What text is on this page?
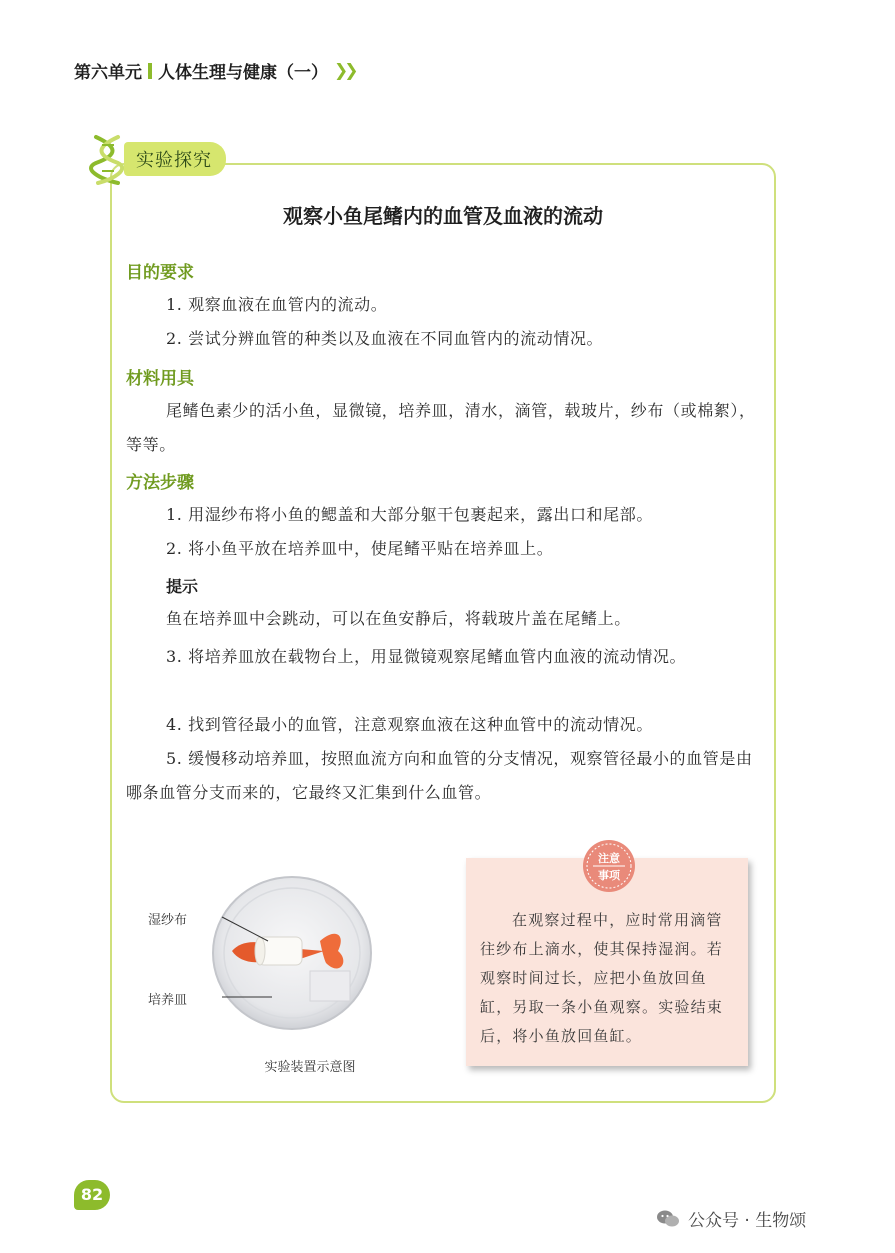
第六单元 人体生理与健康（一） ❯❯
实验探究
观察小鱼尾鳍内的血管及血液的流动
目的要求
1. 观察血液在血管内的流动。
2. 尝试分辨血管的种类以及血液在不同血管内的流动情况。
材料用具
尾鳍色素少的活小鱼，显微镜，培养皿，清水，滴管，载玻片，纱布（或棉絮），等等。
方法步骤
1. 用湿纱布将小鱼的鳃盖和大部分躯干包裹起来，露出口和尾部。
2. 将小鱼平放在培养皿中，使尾鳍平贴在培养皿上。
提示
鱼在培养皿中会跳动，可以在鱼安静后，将载玻片盖在尾鳍上。
3. 将培养皿放在载物台上，用显微镜观察尾鳍血管内血液的流动情况。
4. 找到管径最小的血管，注意观察血液在这种血管中的流动情况。
5. 缓慢移动培养皿，按照血流方向和血管的分支情况，观察管径最小的血管是由哪条血管分支而来的，它最终又汇集到什么血管。
湿纱布
培养皿
实验装置示意图
注意
事项
在观察过程中，应时常用滴管往纱布上滴水，使其保持湿润。若观察时间过长，应把小鱼放回鱼缸，另取一条小鱼观察。实验结束后，将小鱼放回鱼缸。
82
公众号 · 生物颂
